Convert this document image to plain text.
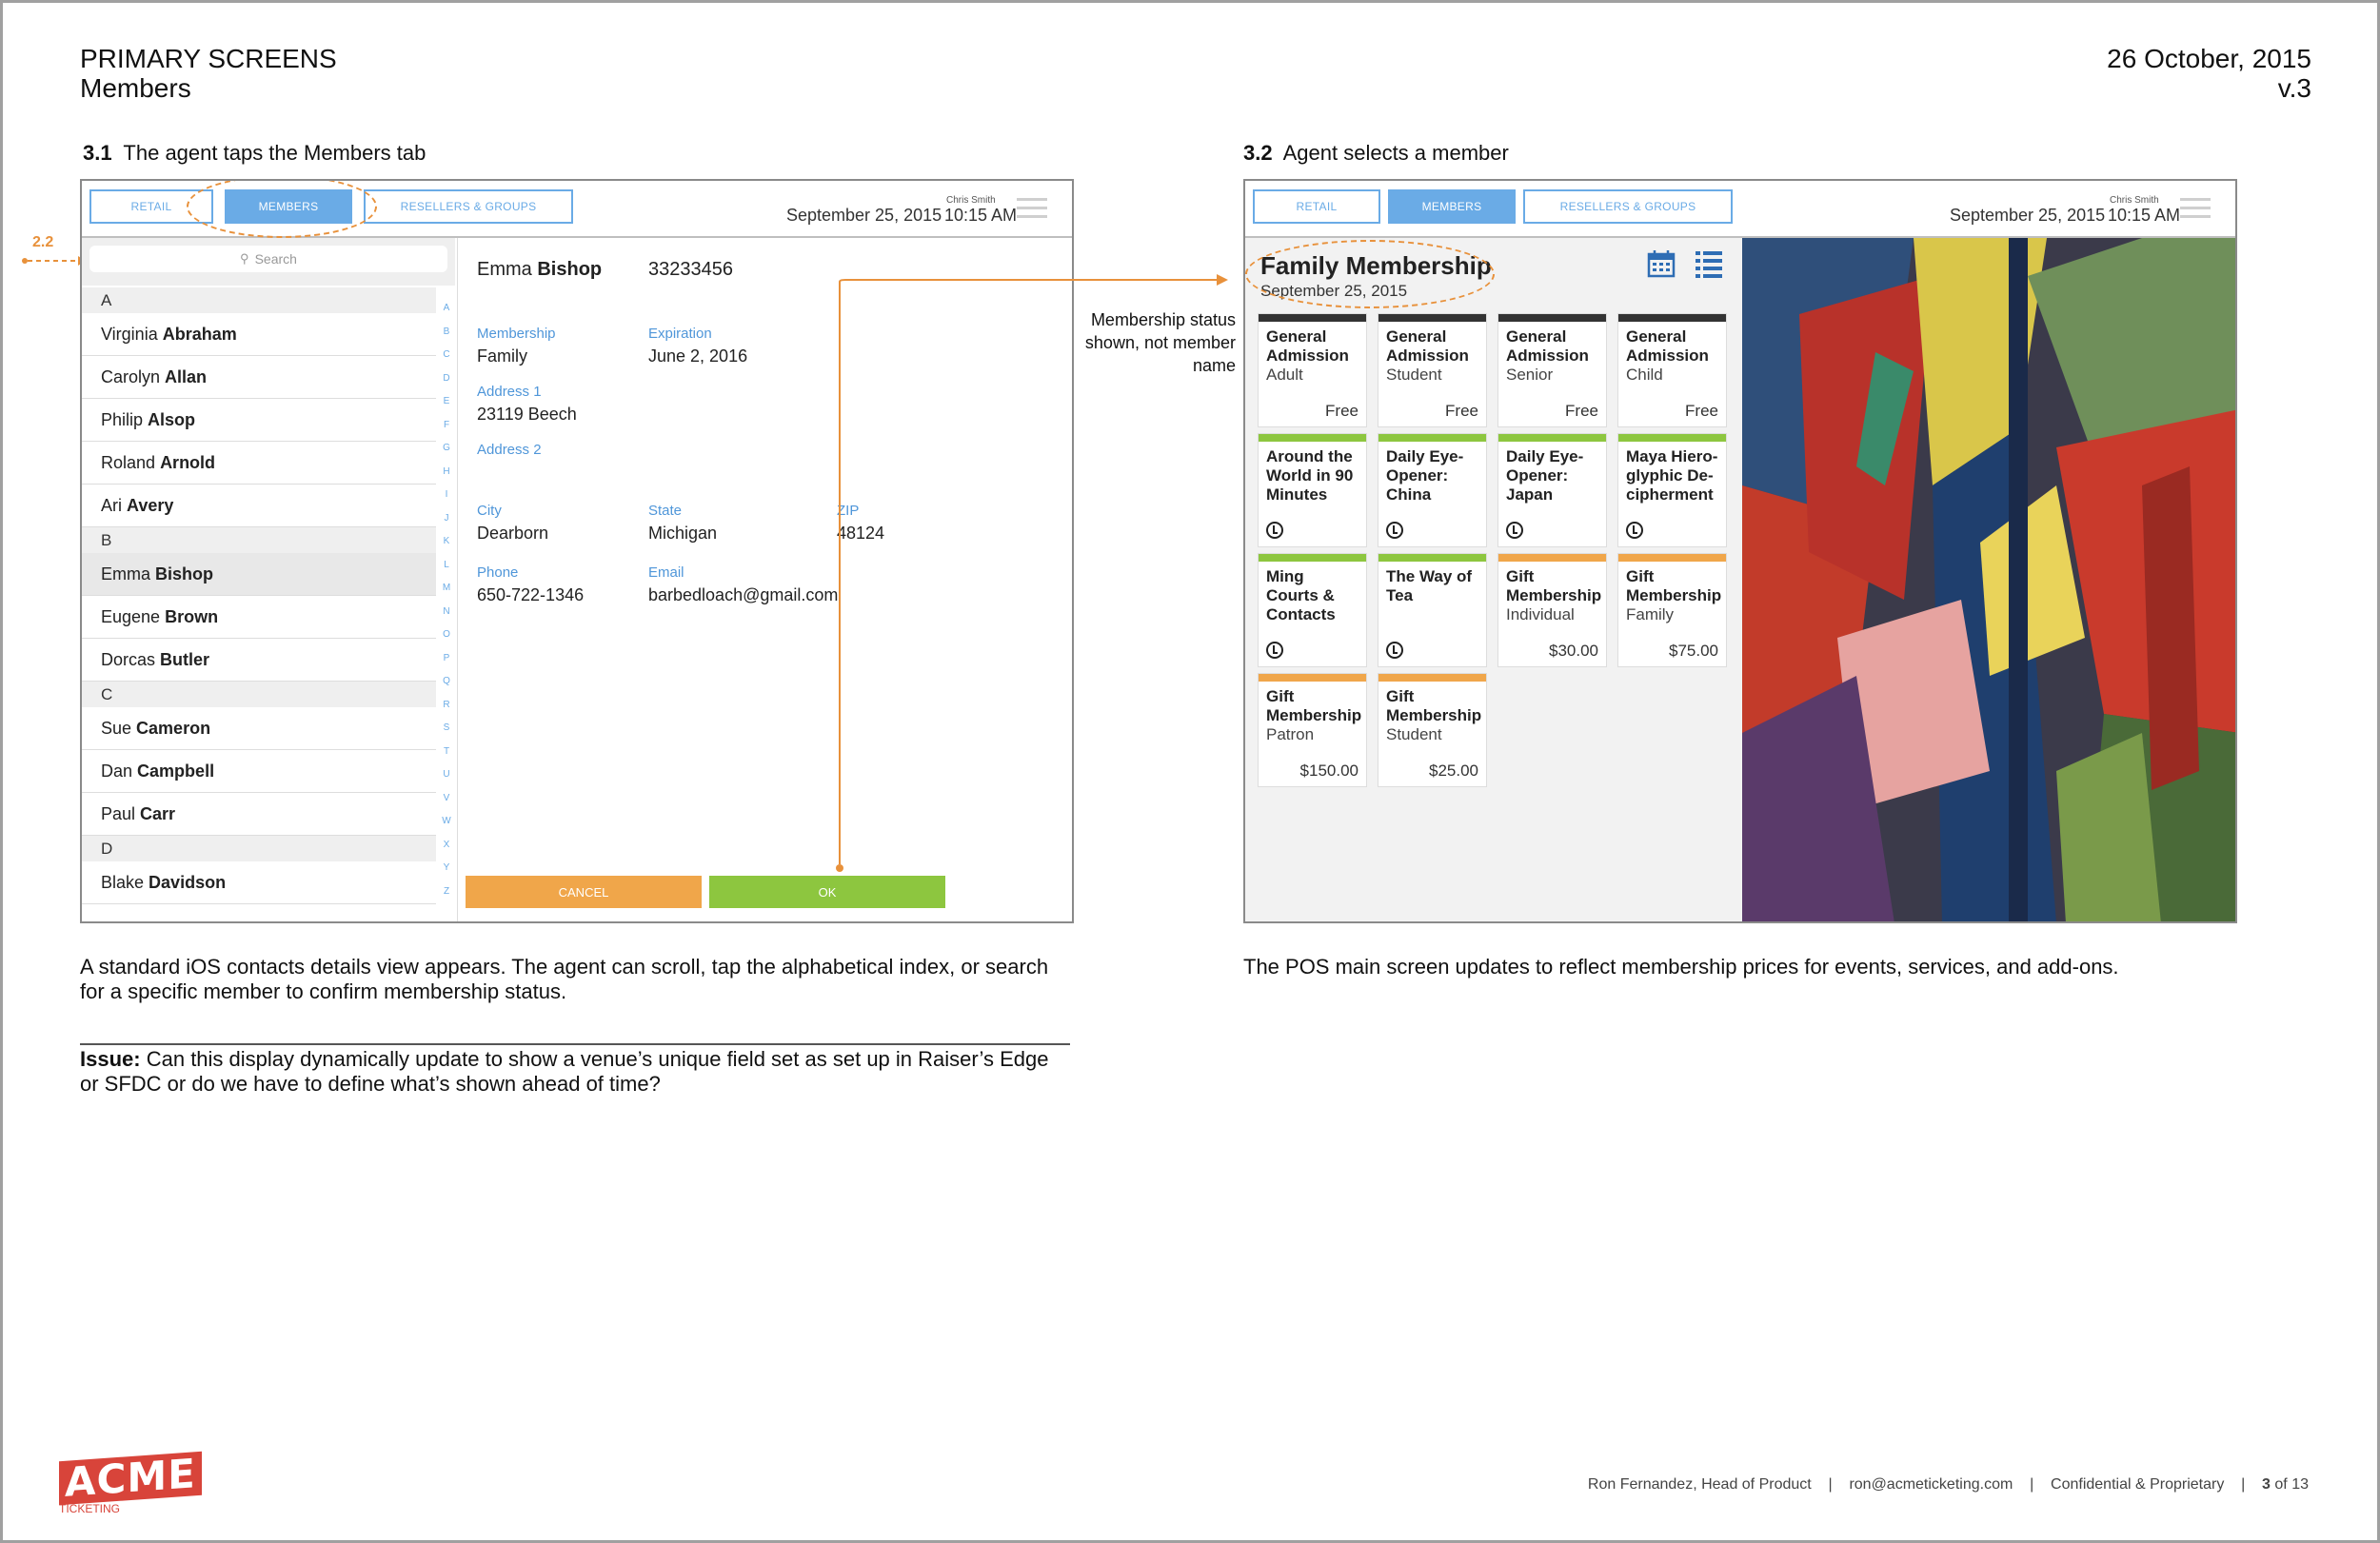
PRIMARY SCREENS
Members
26 October, 2015
v.3
3.1 The agent taps the Members tab
2.2
RETAIL	MEMBERS	RESELLERS & GROUPS	Chris Smith
September 25, 2015 10:15 AM
⚲ Search
A
Virginia
Abraham
Carolyn
Allan
Philip
Alsop
Roland
Arnold
Ari
Avery
B
Emma
Bishop
Eugene
Brown
Dorcas
Butler
C
Sue
Cameron
Dan
Campbell
Paul
Carr
D
Blake
Davidson
A
B
C
D
E
F
G
H
I
J
K
L
M
N
O
P
Q
R
S
T
U
V
W
X
Y
Z
Emma Bishop 33233456
Membership
Family
Expiration
June 2, 2016
Address 1
23119 Beech
Address 2
City
Dearborn
State
Michigan
ZIP
48124
Phone
650-722-1346
Email
barbedloach@gmail.com
CANCEL	OK
A standard iOS contacts details view appears. The agent can scroll, tap the alphabetical index, or search for a specific member to confirm membership status.
Issue: Can this display dynamically update to show a venue’s unique field set as set up in Raiser’s Edge or SFDC or do we have to define what’s shown ahead of time?
3.2 Agent selects a member
Membership status shown, not member name
RETAIL	MEMBERS	RESELLERS & GROUPS	Chris Smith
September 25, 2015 10:15 AM
Family Membership
September 25, 2015
General Admission
Adult
Free
General Admission
Student
Free
General Admission
Senior
Free
General Admission
Child
Free
Around the World in 90 Minutes
Daily Eye-Opener: China
Daily Eye-Opener: Japan
Maya Hiero-glyphic De-cipherment
Ming Courts & Contacts
The Way of Tea
Gift Membership
Individual
$30.00
Gift Membership
Family
$75.00
Gift Membership
Patron
$150.00
Gift Membership
Student
$25.00
The POS main screen updates to reflect membership prices for events, services, and add-ons.
ACME
TICKETING
Ron Fernandez, Head of Product    |    ron@acmeticketing.com    |    Confidential & Proprietary    |    3 of 13
